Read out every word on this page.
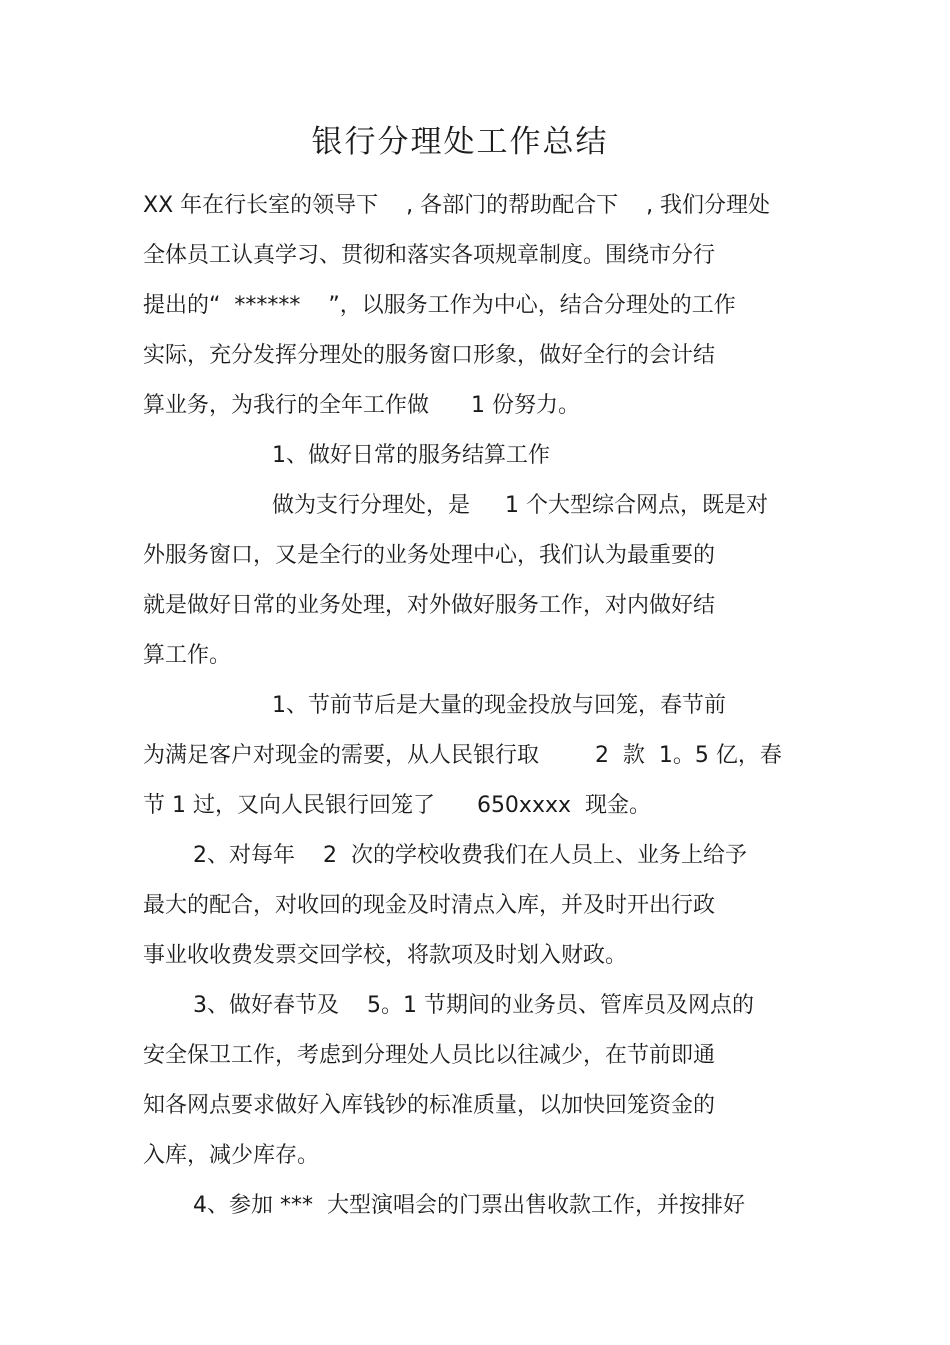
银行分理处工作总结
XX 年在行长室的领导下    , 各部门的帮助配合下    , 我们分理处
全体员工认真学习、贯彻和落实各项规章制度。围绕市分行
提出的“  ******    ”，以服务工作为中心，结合分理处的工作
实际，充分发挥分理处的服务窗口形象，做好全行的会计结
算业务，为我行的全年工作做      1 份努力。
1、做好日常的服务结算工作
做为支行分理处，是     1 个大型综合网点，既是对
外服务窗口，又是全行的业务处理中心，我们认为最重要的
就是做好日常的业务处理，对外做好服务工作，对内做好结
算工作。
1、节前节后是大量的现金投放与回笼，春节前
为满足客户对现金的需要，从人民银行取        2  款  1。5 亿，春
节 1 过，又向人民银行回笼了      650xxxx  现金。
2、对每年    2  次的学校收费我们在人员上、业务上给予
最大的配合，对收回的现金及时清点入库，并及时开出行政
事业收收费发票交回学校，将款项及时划入财政。
3、做好春节及    5。1 节期间的业务员、管库员及网点的
安全保卫工作，考虑到分理处人员比以往减少，在节前即通
知各网点要求做好入库钱钞的标准质量，以加快回笼资金的
入库，减少库存。
4、参加 ***  大型演唱会的门票出售收款工作，并按排好
